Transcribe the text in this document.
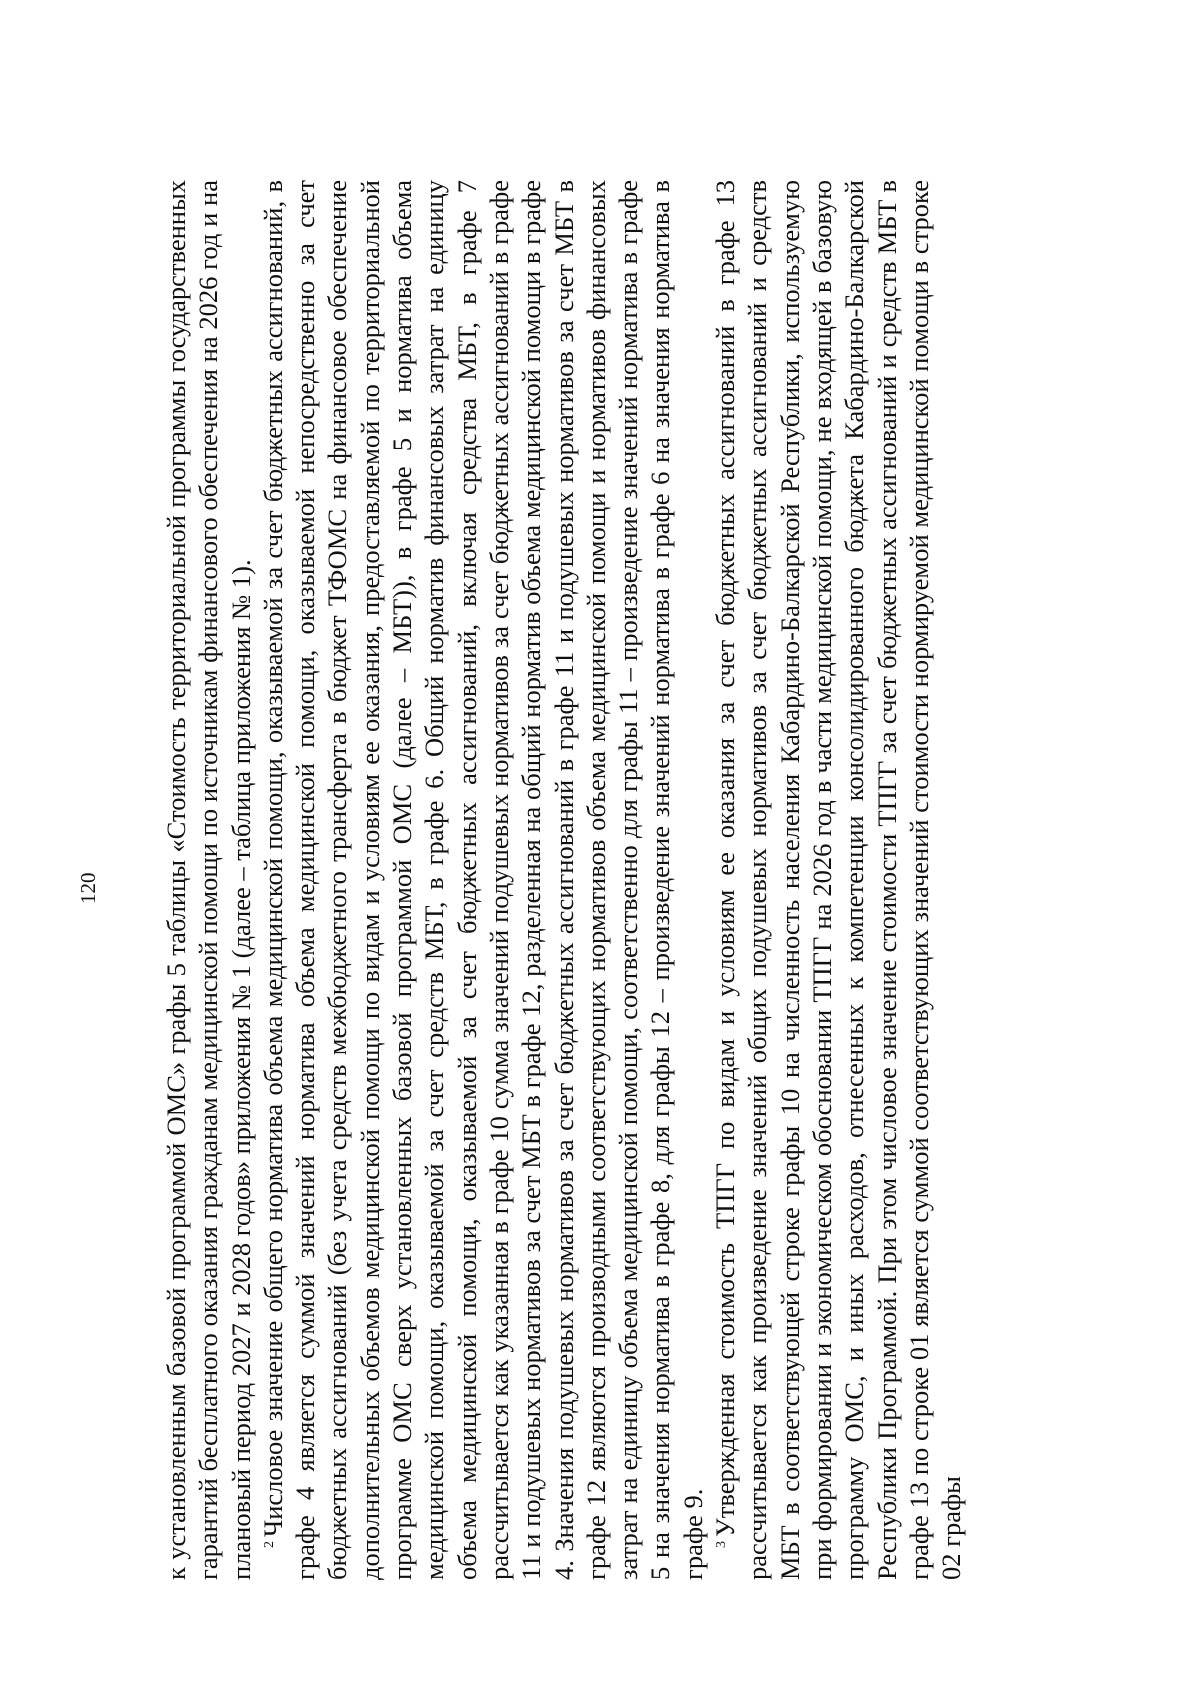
120 к установленным базовой программой ОМС» графы 5 таблицы «Стоимость территориальной программы государственных гарантий бесплатного оказания гражданам медицинской помощи по источникам финансового обеспечения на 2026 год и на плановый период 2027 и 2028 годов» приложения № 1 (далее – таблица приложения № 1). $^2$Числовое значение общего норматива объема медицинской помощи, оказываемой за счет бюджетных ассигнований, в графе 4 является суммой значений норматива объема медицинской помощи, оказываемой непосредственно за счет бюджетных ассигнований (без учета средств межбюджетного трансферта в бюджет ТФОМС на финансовое обеспечение дополнительных объемов медицинской помощи по видам и условиям ее оказания, предоставляемой по территориальной программе ОМС сверх установленных базовой программой ОМС (далее – МБТ)), в графе 5 и норматива объема медицинской помощи, оказываемой за счет средств МБТ, в графе 6. Общий норматив финансовых затрат на единицу объема медицинской помощи, оказываемой за счет бюджетных ассигнований, включая средства МБТ, в графе 7 рассчитывается как указанная в графе 10 сумма значений подушевых нормативов за счет бюджетных ассигнований в графе 11 и подушевых нормативов за счет МБТ в графе 12, разделенная на общий норматив объема медицинской помощи в графе 4. Значения подушевых нормативов за счет бюджетных ассигнований в графе 11 и подушевых нормативов за счет МБТ в графе 12 являются производными соответствующих нормативов объема медицинской помощи и нормативов финансовых затрат на единицу объема медицинской помощи, соответственно для графы 11 – произведение значений норматива в графе 5 на значения норматива в графе 8, для графы 12 – произведение значений норматива в графе 6 на значения норматива в графе 9. $^3$Утвержденная стоимость ТПГГ по видам и условиям ее оказания за счет бюджетных ассигнований в графе 13 рассчитывается как произведение значений общих подушевых нормативов за счет бюджетных ассигнований и средств МБТ в соответствующей строке графы 10 на численность населения Кабардино-Балкарской Республики, используемую при формировании и экономическом обосновании ТПГГ на 2026 год в части медицинской помощи, не входящей в базовую программу ОМС, и иных расходов, отнесенных к компетенции консолидированного бюджета Кабардино-Балкарской Республики Программой. При этом числовое значение стоимости ТПГГ за счет бюджетных ассигнований и средств МБТ в графе 13 по строке 01 является суммой соответствующих значений стоимости нормируемой медицинской помощи в строке 02 графы
